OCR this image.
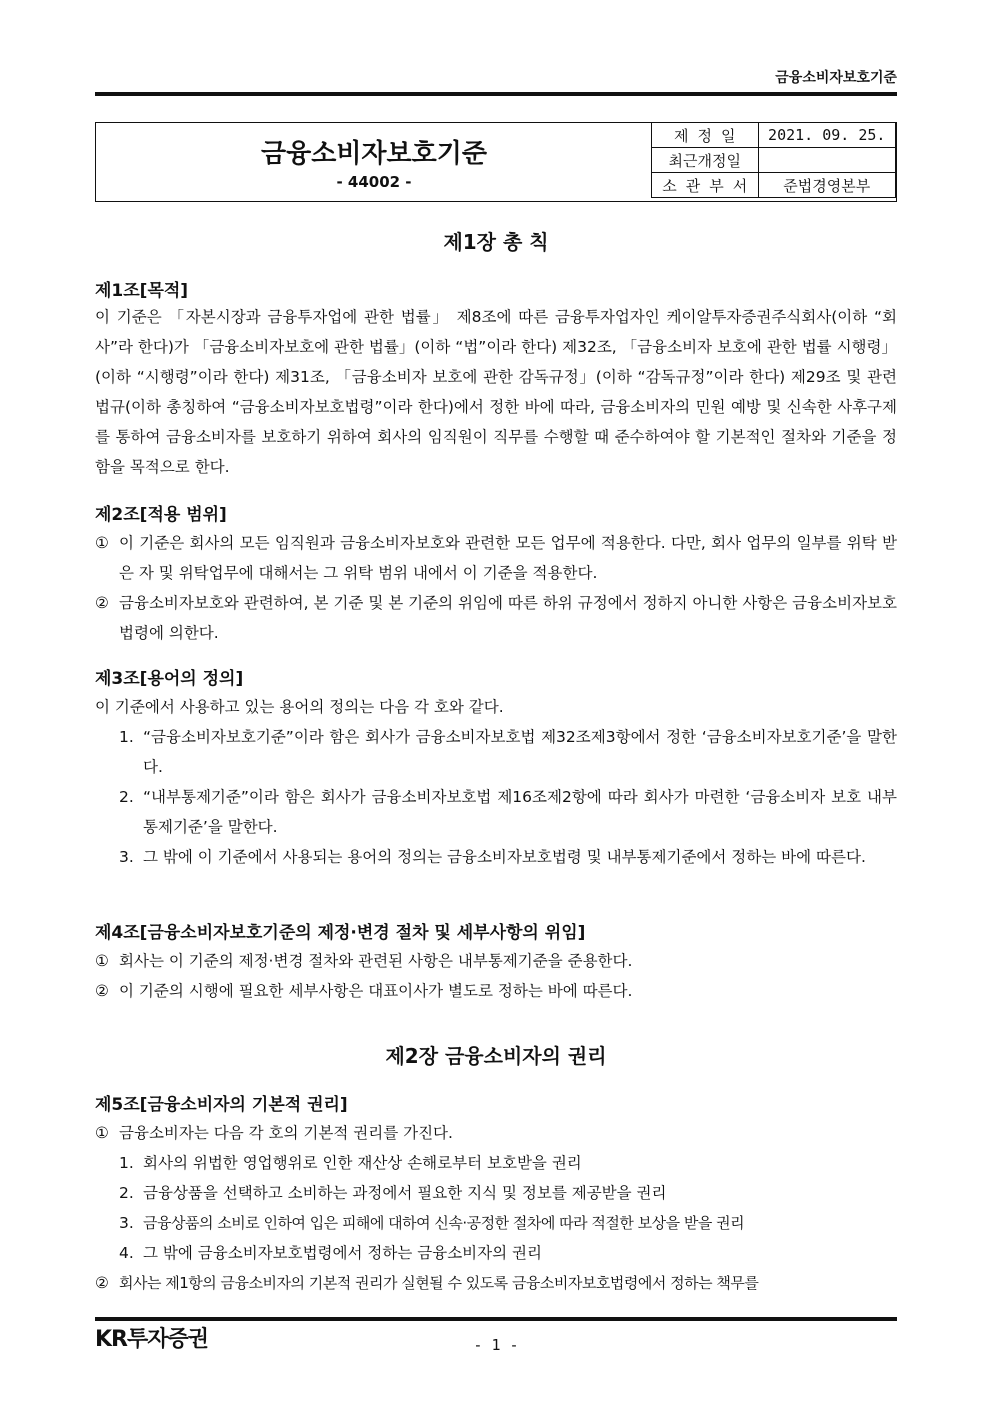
금융소비자보호기준
금융소비자보호기준
- 44002 -
제 정 일	2021. 09. 25.
최근개정일	
소 관 부 서	준법경영본부
제1장 총 칙
제1조[목적]
이 기준은 「자본시장과 금융투자업에 관한 법률」 제8조에 따른 금융투자업자인 케이알투자증권주식회사(이하 “회사”라 한다)가 「금융소비자보호에 관한 법률」(이하 “법”이라 한다) 제32조, 「금융소비자 보호에 관한 법률 시행령」(이하 “시행령”이라 한다) 제31조, 「금융소비자 보호에 관한 감독규정」(이하 “감독규정”이라 한다) 제29조 및 관련법규(이하 총칭하여 “금융소비자보호법령”이라 한다)에서 정한 바에 따라, 금융소비자의 민원 예방 및 신속한 사후구제를 통하여 금융소비자를 보호하기 위하여 회사의 임직원이 직무를 수행할 때 준수하여야 할 기본적인 절차와 기준을 정함을 목적으로 한다.
제2조[적용 범위]
① 이 기준은 회사의 모든 임직원과 금융소비자보호와 관련한 모든 업무에 적용한다. 다만, 회사 업무의 일부를 위탁 받은 자 및 위탁업무에 대해서는 그 위탁 범위 내에서 이 기준을 적용한다.
② 금융소비자보호와 관련하여, 본 기준 및 본 기준의 위임에 따른 하위 규정에서 정하지 아니한 사항은 금융소비자보호법령에 의한다.
제3조[용어의 정의]
이 기준에서 사용하고 있는 용어의 정의는 다음 각 호와 같다.
1. “금융소비자보호기준”이라 함은 회사가 금융소비자보호법 제32조제3항에서 정한 ‘금융소비자보호기준’을 말한다.
2. “내부통제기준”이라 함은 회사가 금융소비자보호법 제16조제2항에 따라 회사가 마련한 ‘금융소비자 보호 내부통제기준’을 말한다.
3. 그 밖에 이 기준에서 사용되는 용어의 정의는 금융소비자보호법령 및 내부통제기준에서 정하는 바에 따른다.
제4조[금융소비자보호기준의 제정·변경 절차 및 세부사항의 위임]
① 회사는 이 기준의 제정·변경 절차와 관련된 사항은 내부통제기준을 준용한다.
② 이 기준의 시행에 필요한 세부사항은 대표이사가 별도로 정하는 바에 따른다.
제2장 금융소비자의 권리
제5조[금융소비자의 기본적 권리]
① 금융소비자는 다음 각 호의 기본적 권리를 가진다.
1. 회사의 위법한 영업행위로 인한 재산상 손해로부터 보호받을 권리
2. 금융상품을 선택하고 소비하는 과정에서 필요한 지식 및 정보를 제공받을 권리
3. 금융상품의 소비로 인하여 입은 피해에 대하여 신속·공정한 절차에 따라 적절한 보상을 받을 권리
4. 그 밖에 금융소비자보호법령에서 정하는 금융소비자의 권리
② 회사는 제1항의 금융소비자의 기본적 권리가 실현될 수 있도록 금융소비자보호법령에서 정하는 책무를
KR투자증권	- 1 -
